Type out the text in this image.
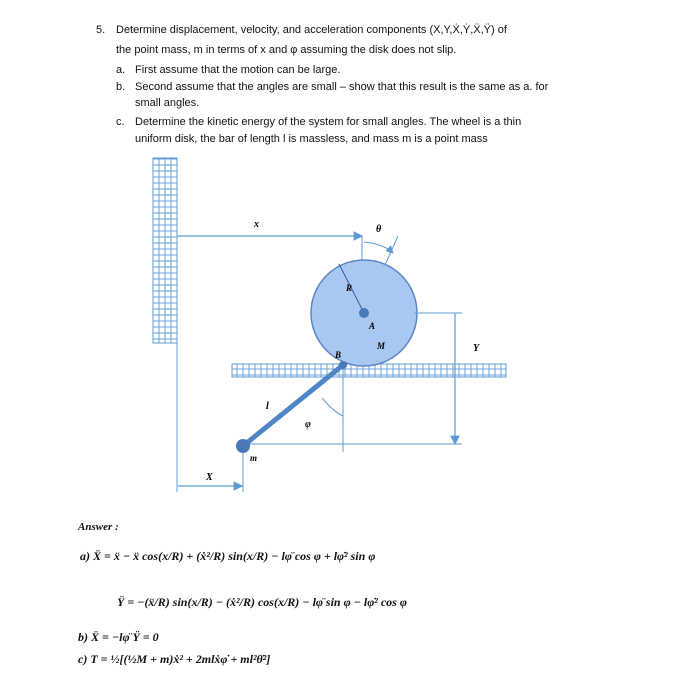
5. Determine displacement, velocity, and acceleration components (X,Y,Ẋ,Ẏ,Ẍ,Ÿ) of
the point mass, m in terms of x and φ assuming the disk does not slip.
a. First assume that the motion can be large.
b. Second assume that the angles are small – show that this result is the same as a. for
small angles.
c. Determine the kinetic energy of the system for small angles. The wheel is a thin
uniform disk, the bar of length l is massless, and mass m is a point mass
x	θ
R
A
M
B
Y
l
φ
m
X
Answer :
a) Ẍ = ẍ − ẍ cos(x/R) + (ẋ²/R) sin(x/R) − lφ̈ cos φ + lφ̇² sin φ
Ÿ = −(ẍ/R) sin(x/R) − (ẋ²/R) cos(x/R) − lφ̈ sin φ − lφ̇² cos φ
b) Ẍ = −lφ̈ Ÿ = 0
c) T = ½[(½M + m)ẋ² + 2mlẋφ̇ + ml²θ̇²]
